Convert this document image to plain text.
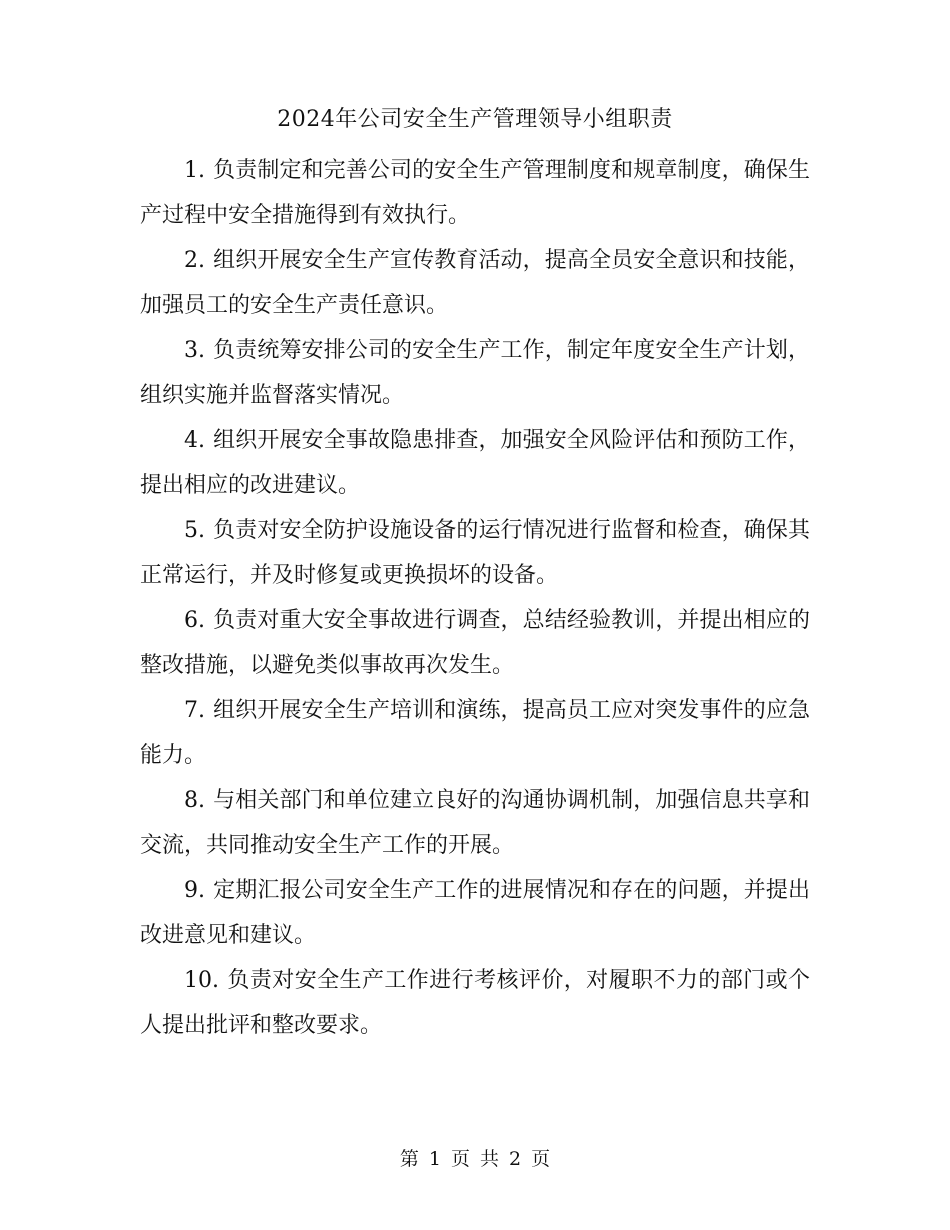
2024年公司安全生产管理领导小组职责
1. 负责制定和完善公司的安全生产管理制度和规章制度，确保生产过程中安全措施得到有效执行。
2. 组织开展安全生产宣传教育活动，提高全员安全意识和技能，加强员工的安全生产责任意识。
3. 负责统筹安排公司的安全生产工作，制定年度安全生产计划，组织实施并监督落实情况。
4. 组织开展安全事故隐患排查，加强安全风险评估和预防工作，提出相应的改进建议。
5. 负责对安全防护设施设备的运行情况进行监督和检查，确保其正常运行，并及时修复或更换损坏的设备。
6. 负责对重大安全事故进行调查，总结经验教训，并提出相应的整改措施，以避免类似事故再次发生。
7. 组织开展安全生产培训和演练，提高员工应对突发事件的应急能力。
8. 与相关部门和单位建立良好的沟通协调机制，加强信息共享和交流，共同推动安全生产工作的开展。
9. 定期汇报公司安全生产工作的进展情况和存在的问题，并提出改进意见和建议。
10. 负责对安全生产工作进行考核评价，对履职不力的部门或个人提出批评和整改要求。
第 1 页 共 2 页
